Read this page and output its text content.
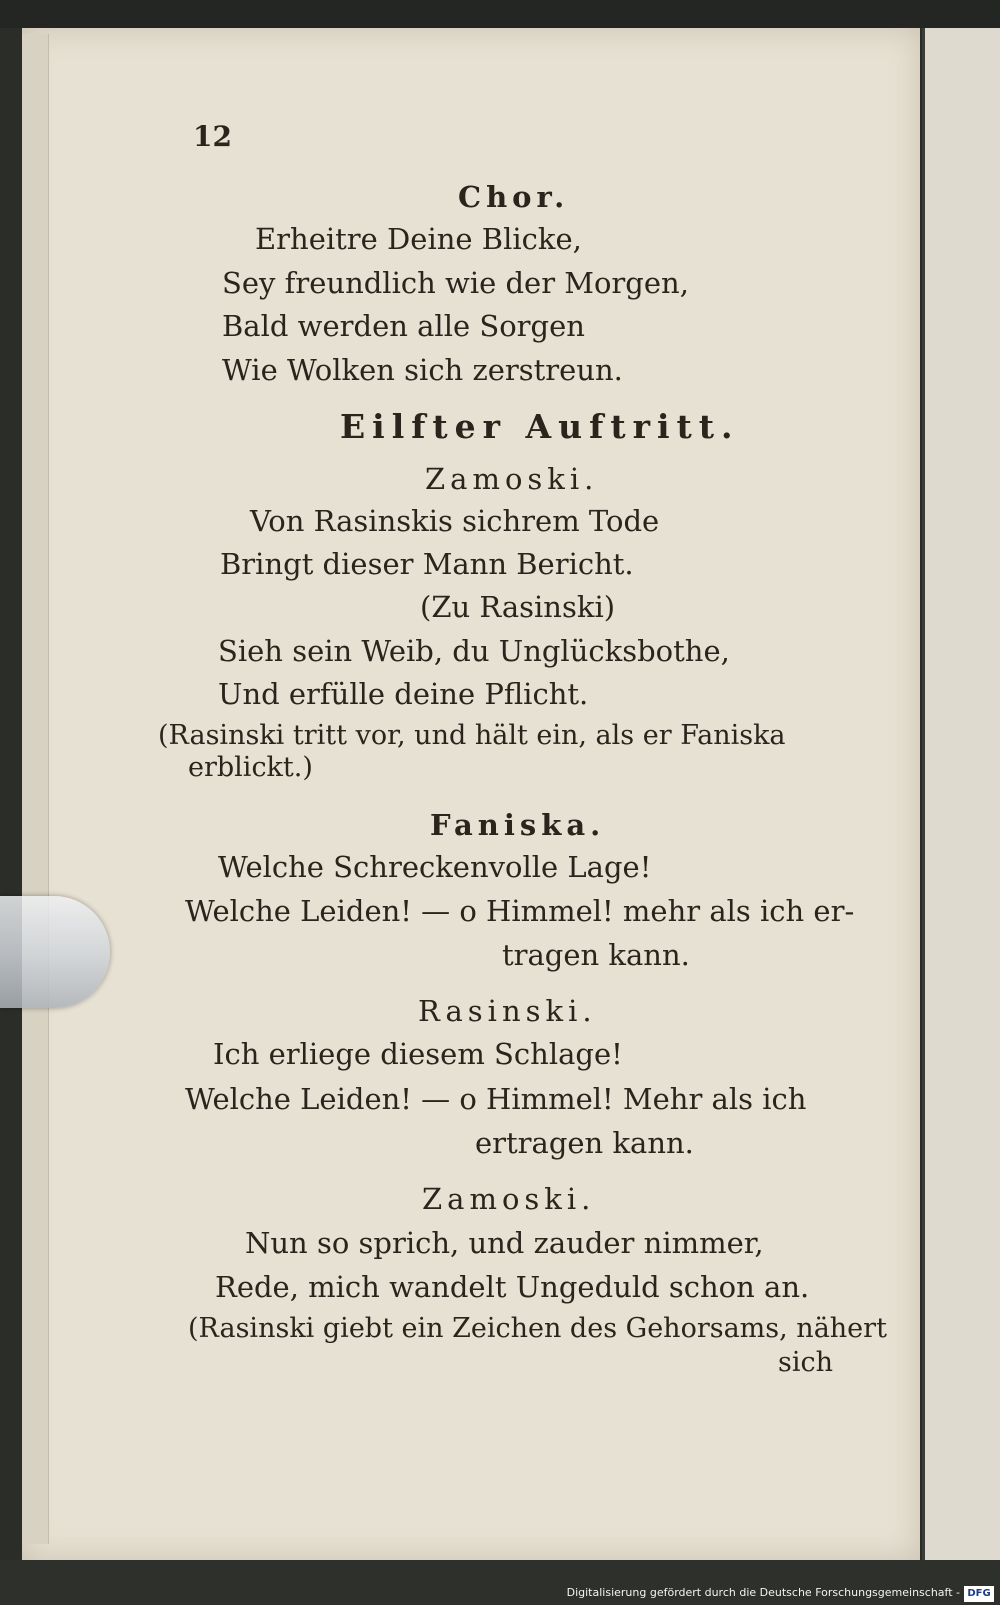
12
Chor.
Erheitre Deine Blicke,
Sey freundlich wie der Morgen,
Bald werden alle Sorgen
Wie Wolken sich zerstreun.
Eilfter Auftritt.
Zamoski.
Von Rasinskis sichrem Tode
Bringt dieser Mann Bericht.
(Zu Rasinski)
Sieh sein Weib, du Unglücksbothe,
Und erfülle deine Pflicht.
(Rasinski tritt vor, und hält ein, als er Faniska
erblickt.)
Faniska.
Welche Schreckenvolle Lage!
Welche Leiden! — o Himmel! mehr als ich er-
tragen kann.
Rasinski.
Ich erliege diesem Schlage!
Welche Leiden! — o Himmel! Mehr als ich
ertragen kann.
Zamoski.
Nun so sprich, und zauder nimmer,
Rede, mich wandelt Ungeduld schon an.
(Rasinski giebt ein Zeichen des Gehorsams, nähert
sich
Digitalisierung gefördert durch die Deutsche Forschungsgemeinschaft - DFG
